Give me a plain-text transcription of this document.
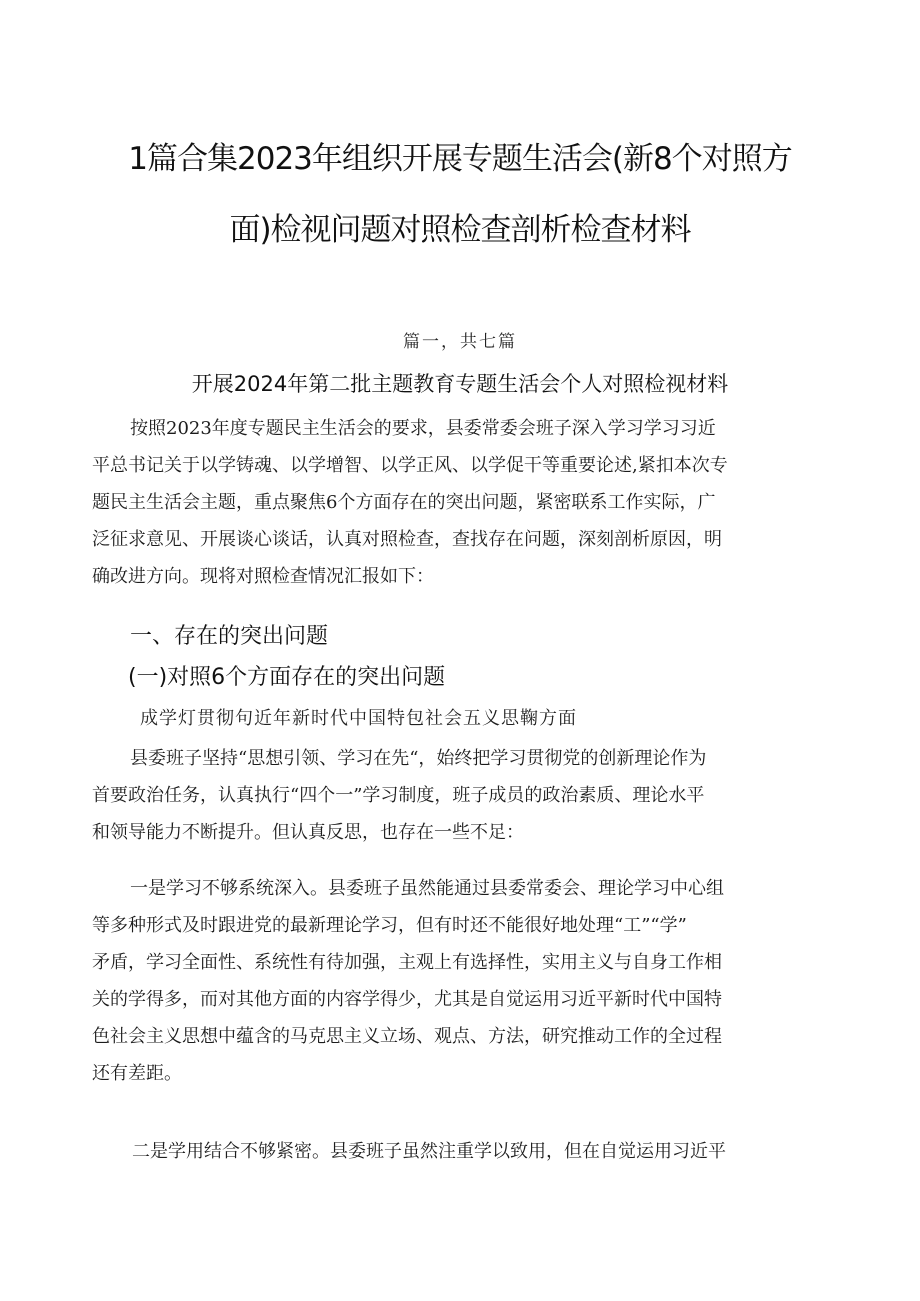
1篇合集2023年组织开展专题生活会(新8个对照方
面)检视问题对照检查剖析检查材料
篇一，共七篇
开展2024年第二批主题教育专题生活会个人对照检视材料
按照2023年度专题民主生活会的要求，县委常委会班子深入学习学习习近
平总书记关于以学铸魂、以学增智、以学正风、以学促干等重要论述,紧扣本次专
题民主生活会主题，重点聚焦6个方面存在的突出问题，紧密联系工作实际，广
泛征求意见、开展谈心谈话，认真对照检查，查找存在问题，深刻剖析原因，明
确改进方向。现将对照检查情况汇报如下：
一、存在的突出问题
(一)对照6个方面存在的突出问题
成学灯贯彻句近年新时代中国特包社会五义思鞠方面
县委班子坚持“思想引领、学习在先“，始终把学习贯彻党的创新理论作为
首要政治任务，认真执行“四个一”学习制度，班子成员的政治素质、理论水平
和领导能力不断提升。但认真反思，也存在一些不足：
一是学习不够系统深入。县委班子虽然能通过县委常委会、理论学习中心组
等多种形式及时跟进党的最新理论学习，但有时还不能很好地处理“工”“学”
矛盾，学习全面性、系统性有待加强，主观上有选择性，实用主义与自身工作相
关的学得多，而对其他方面的内容学得少，尤其是自觉运用习近平新时代中国特
色社会主义思想中蕴含的马克思主义立场、观点、方法，研究推动工作的全过程
还有差距。
二是学用结合不够紧密。县委班子虽然注重学以致用，但在自觉运用习近平
